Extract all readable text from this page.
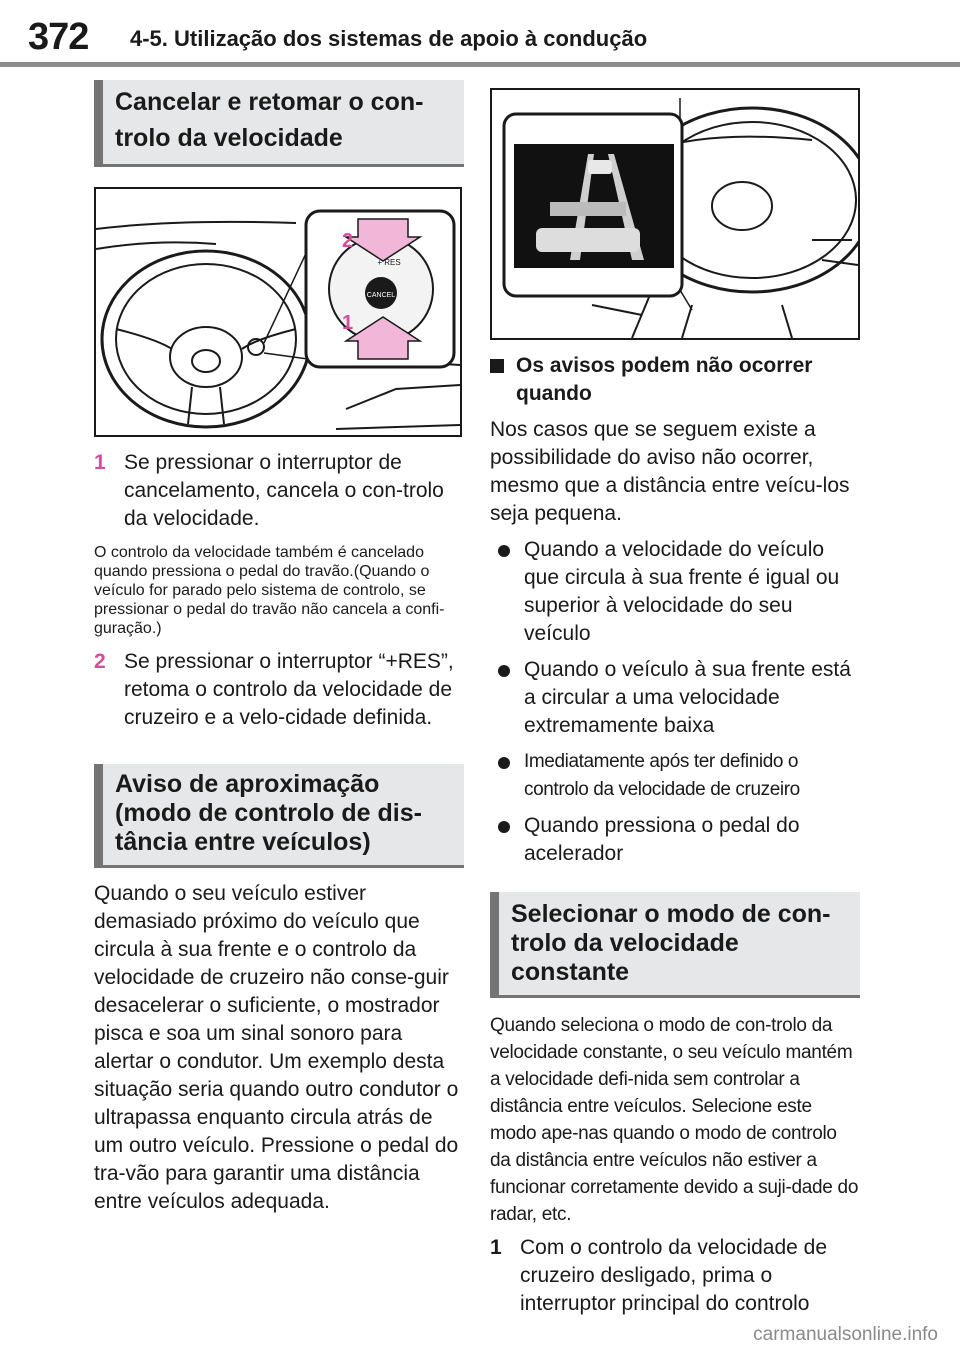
372 4-5. Utilização dos sistemas de apoio à condução
Cancelar e retomar o con-trolo da velocidade
CANCEL
+ RES
2
1
1 Se pressionar o interruptor de cancelamento, cancela o con-trolo da velocidade.

O controlo da velocidade também é cancelado quando pressiona o pedal do travão.(Quando o veículo for parado pelo sistema de controlo, se pressionar o pedal do travão não cancela a confi-guração.)

2 Se pressionar o interruptor “+RES”, retoma o controlo da velocidade de cruzeiro e a velo-cidade definida.
Aviso de aproximação (modo de controlo de dis-tância entre veículos)

Quando o seu veículo estiver demasiado próximo do veículo que circula à sua frente e o controlo da velocidade de cruzeiro não conse-guir desacelerar o suficiente, o mostrador pisca e soa um sinal sonoro para alertar o condutor. Um exemplo desta situação seria quando outro condutor o ultrapassa enquanto circula atrás de um outro veículo. Pressione o pedal do tra-vão para garantir uma distância entre veículos adequada.

Os avisos podem não ocorrer quando

Nos casos que se seguem existe a possibilidade do aviso não ocorrer, mesmo que a distância entre veícu-los seja pequena.

Quando a velocidade do veículo que circula à sua frente é igual ou superior à velocidade do seu veículo
Quando o veículo à sua frente está a circular a uma velocidade extremamente baixa
Imediatamente após ter definido o controlo da velocidade de cruzeiro
Quando pressiona o pedal do acelerador
Selecionar o modo de con-trolo da velocidade constante

Quando seleciona o modo de con-trolo da velocidade constante, o seu veículo mantém a velocidade defi-nida sem controlar a distância entre veículos. Selecione este modo ape-nas quando o modo de controlo da distância entre veículos não estiver a funcionar corretamente devido a suji-dade do radar, etc.

1 Com o controlo da velocidade de cruzeiro desligado, prima o interruptor principal do controlo
carmanualsonline.info
